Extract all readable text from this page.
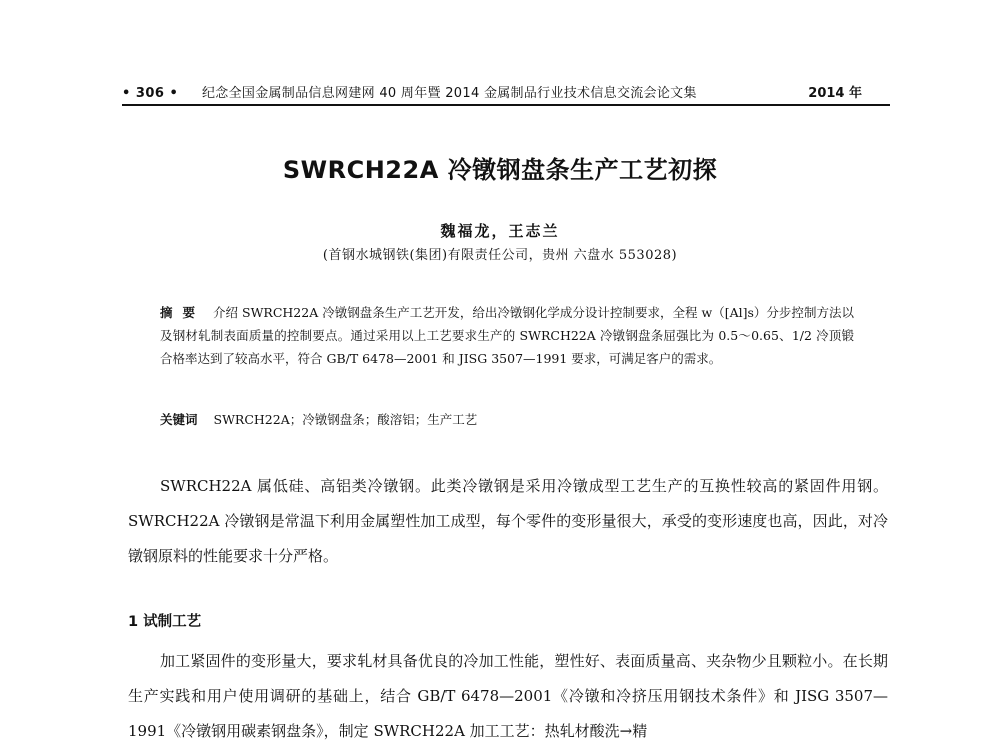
• 306 • 纪念全国金属制品信息网建网 40 周年暨 2014 金属制品行业技术信息交流会论文集	2014 年
SWRCH22A 冷镦钢盘条生产工艺初探
魏福龙，王志兰
(首钢水城钢铁(集团)有限责任公司，贵州 六盘水 553028)
摘要 介绍 SWRCH22A 冷镦钢盘条生产工艺开发，给出冷镦钢化学成分设计控制要求，全程 w（[Al]s）分步控制方法以及钢材轧制表面质量的控制要点。通过采用以上工艺要求生产的 SWRCH22A 冷镦钢盘条屈强比为 0.5～0.65、1/2 冷顶锻合格率达到了较高水平，符合 GB/T 6478—2001 和 JISG 3507—1991 要求，可满足客户的需求。
关键词 SWRCH22A；冷镦钢盘条；酸溶铝；生产工艺
SWRCH22A 属低硅、高铝类冷镦钢。此类冷镦钢是采用冷镦成型工艺生产的互换性较高的紧固件用钢。SWRCH22A 冷镦钢是常温下利用金属塑性加工成型，每个零件的变形量很大，承受的变形速度也高，因此，对冷镦钢原料的性能要求十分严格。
1 试制工艺
加工紧固件的变形量大，要求轧材具备优良的冷加工性能，塑性好、表面质量高、夹杂物少且颗粒小。在长期生产实践和用户使用调研的基础上，结合 GB/T 6478—2001《冷镦和冷挤压用钢技术条件》和 JISG 3507—1991《冷镦钢用碳素钢盘条》，制定 SWRCH22A 加工工艺：热轧材酸洗→精
